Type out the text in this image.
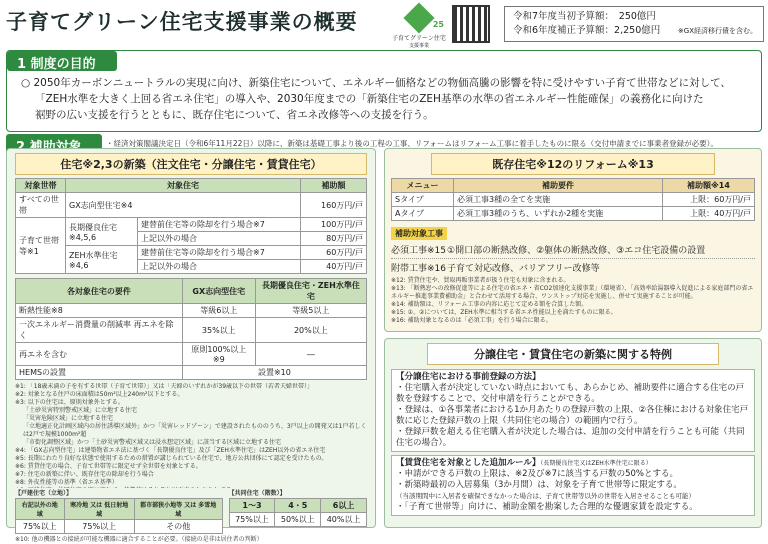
子育てグリーン住宅支援事業の概要	25
子育てグリーン住宅
支援事業
令和7年度当初予算額：　250億円
令和6年度補正予算額：2,250億円	※GX経済移行債を含む。
1 制度の目的
○ 2050年カーボンニュートラルの実現に向け、新築住宅について、エネルギー価格などの物価高騰の影響を特に受けやすい子育て世帯などに対して、
「ZEH水準を大きく上回る省エネ住宅」の導入や、2030年度までの「新築住宅のZEH基準の水準の省エネルギー性能確保」の義務化に向けた
裾野の広い支援を行うとともに、既存住宅について、省エネ改修等への支援を行う。
・経済対策閣議決定日（令和6年11月22日）以降に、新築は基礎工事より後の工程の工事、リフォームはリフォーム工事に着手したものに限る（交付申請までに事業者登録が必要）。
住宅※2,3の新築（注文住宅・分譲住宅・賃貸住宅）
対象世帯	対象住宅		補助額
すべての世帯	GX志向型住宅※4		160万円/戸
子育て世帯等※1	長期優良住宅※4,5,6	建替前住宅等の除却を行う場合※7	100万円/戸
		上記以外の場合	80万円/戸
	ZEH水準住宅※4,6	建替前住宅等の除却を行う場合※7	60万円/戸
		上記以外の場合	40万円/戸
各対象住宅の要件	GX志向型住宅	長期優良住宅・ZEH水準住宅
断熱性能※8	等級6以上	等級5以上
一次エネルギー消費量の削減率 再エネを除く	35%以上	20%以上
再エネを含む	原則100%以上※9	―
HEMSの設置	設置※10	
※1: 「18歳未満の子を有する世帯（子育て世帯）」又は「夫婦のいずれかが39歳以下の世帯（若者夫婦世帯）」
※2: 対象となる住戸の床面積は50m²以上240m²以下とする。
※3: 以下の住宅は、原則対象外とする。
「土砂災害特別警戒区域」に立地する住宅
「災害危険区域」に立地する住宅
「立地適正化計画区域内の居住誘導区域外」かつ「災害レッドゾーン」で建設されたもののうち、3戸以上の開発又は1戸若しくは2戸で規模1000m²超
「市街化調整区域」かつ「土砂災害警戒区域又は浸水想定区域」に該当する区域に立地する住宅
※4: 「GX志向型住宅」は建築物省エネ法に基づく「長期優良住宅」及び「ZEH水準住宅」はZEH以外の省エネ住宅
※5: 長期にわたり良好な状態で使用するための措置が講じられている住宅で、地方公共団体にて認定を受けたもの。
※6: 賃貸住宅の場合、子育て世帯等に限定せず全世帯を対象とする。
※7: 住宅の新築に伴い、既存住宅の除却を行う場合
※8: 外皮性能等の基準（省エネ基準）
【戸建住宅（立地）】
右記以外の地域	寒冷地 又は 低日射地域	都市部狭小地等 又は 多雪地域
75%以上	75%以上	その他
【共同住宅（階数）】
1〜3	4・5	6以上
75%以上	50%以上	40%以上
※10: 他の機器との接続が可能な機器に適合することが必要。（接続の是非は居住者の判断）
既存住宅※12のリフォーム※13
メニュー	補助要件	補助額※14
Sタイプ	必須工事3種の全てを実施	上限：60万円/戸
Aタイプ	必須工事3種のうち、いずれか2種を実施	上限：40万円/戸
補助対象工事
必須工事※15 ①開口部の断熱改修、②躯体の断熱改修、③エコ住宅設備の設置
附帯工事※16 子育て対応改修、バリアフリー改修等
※12: 賃貸住宅や、買取再販事業者が扱う住宅も対象に含まれる。
※13: 「断熱窓への改修促進等による住宅の省エネ・省CO2加速化支援事業」（環境省）、「高効率給湯器導入促進による家庭部門の省エネルギー推進事業費補助金」と合わせて活用する場合、ワンストップ対応を実施し、併せて実施することが可能。
※14: 補助額は、リフォーム工事の内容に応じて定める額を合算した額。
※15: ①、②については、ZEH水準に相当する省エネ性能以上を満たすものに限る。
※16: 補助対象となるのは「必須工事」を行う場合に限る。
分譲住宅・賃貸住宅の新築に関する特例
【分譲住宅における事前登録の方法】
・住宅購入者が決定していない時点においても、あらかじめ、補助要件に適合する住宅の戸数を登録することで、交付申請を行うことができる。
・登録は、①各事業者における1か月あたりの登録戸数の上限、②各住棟における対象住宅戸数に応じた登録戸数の上限（共同住宅の場合）の範囲内で行う。
・登録戸数を超える住宅購入者が決定した場合は、追加の交付申請を行うことも可能（共同住宅の場合）。
【賃貸住宅を対象とした追加ルール】（長期優良住宅又はZEH水準住宅に限る）
・申請ができる戸数の上限は、※2及び※7に該当する戸数の50%とする。
・新築時最初の入居募集（3か月間）は、対象を子育て世帯等に限定する。
（当該期間中に入居者を確保できなかった場合は、子育て世帯等以外の世帯を入居させることも可能）
・「子育て世帯等」向けに、補助金額を勘案した合理的な優遇家賃を設定する。
